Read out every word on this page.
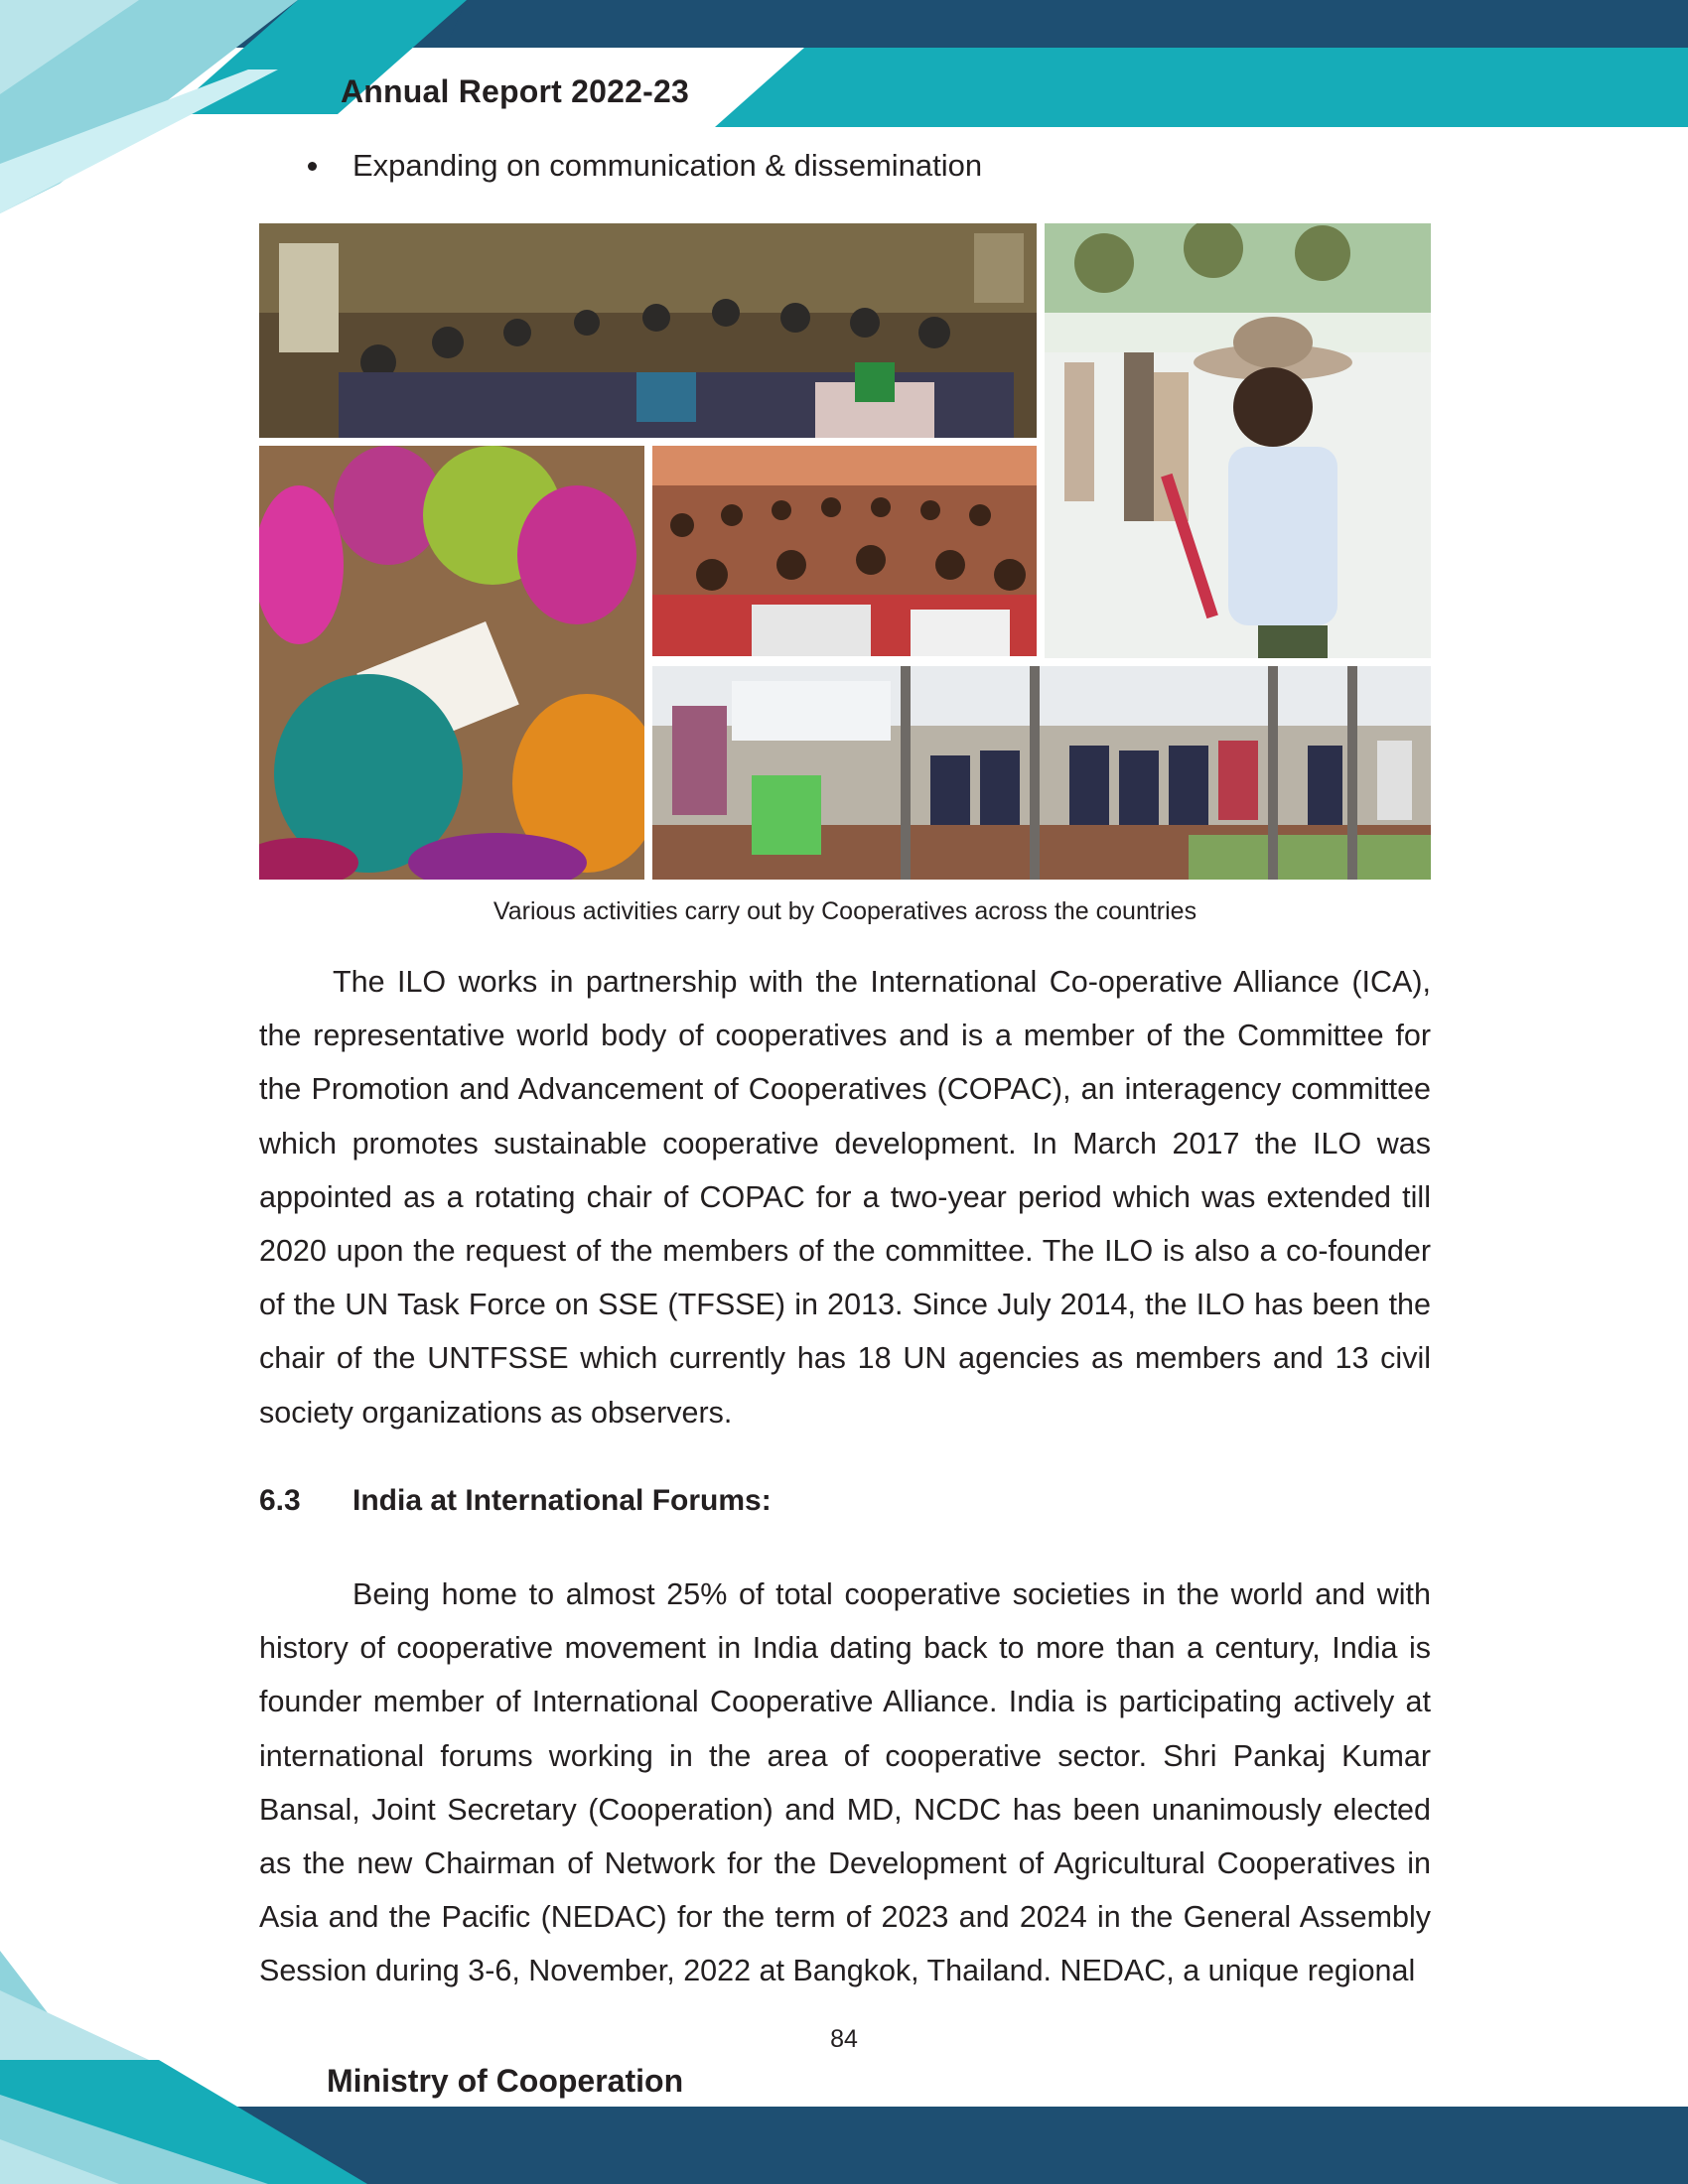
Annual Report 2022-23
Expanding on communication & dissemination
Various activities carry out by Cooperatives across the countries

The ILO works in partnership with the International Co-operative Alliance (ICA), the representative world body of cooperatives and is a member of the Committee for the Promotion and Advancement of Cooperatives (COPAC), an interagency committee which promotes sustainable cooperative development. In March 2017 the ILO was appointed as a rotating chair of COPAC for a two-year period which was extended till 2020 upon the request of the members of the committee. The ILO is also a co-founder of the UN Task Force on SSE (TFSSE) in 2013. Since July 2014, the ILO has been the chair of the UNTFSSE which currently has 18 UN agencies as members and 13 civil society organizations as observers.

6.3 India at International Forums:

Being home to almost 25% of total cooperative societies in the world and with history of cooperative movement in India dating back to more than a century, India is founder member of International Cooperative Alliance. India is participating actively at international forums working in the area of cooperative sector. Shri Pankaj Kumar Bansal, Joint Secretary (Cooperation) and MD, NCDC has been unanimously elected as the new Chairman of Network for the Development of Agricultural Cooperatives in Asia and the Pacific (NEDAC) for the term of 2023 and 2024 in the General Assembly Session during 3-6, November, 2022 at Bangkok, Thailand. NEDAC, a unique regional

84
Ministry of Cooperation
